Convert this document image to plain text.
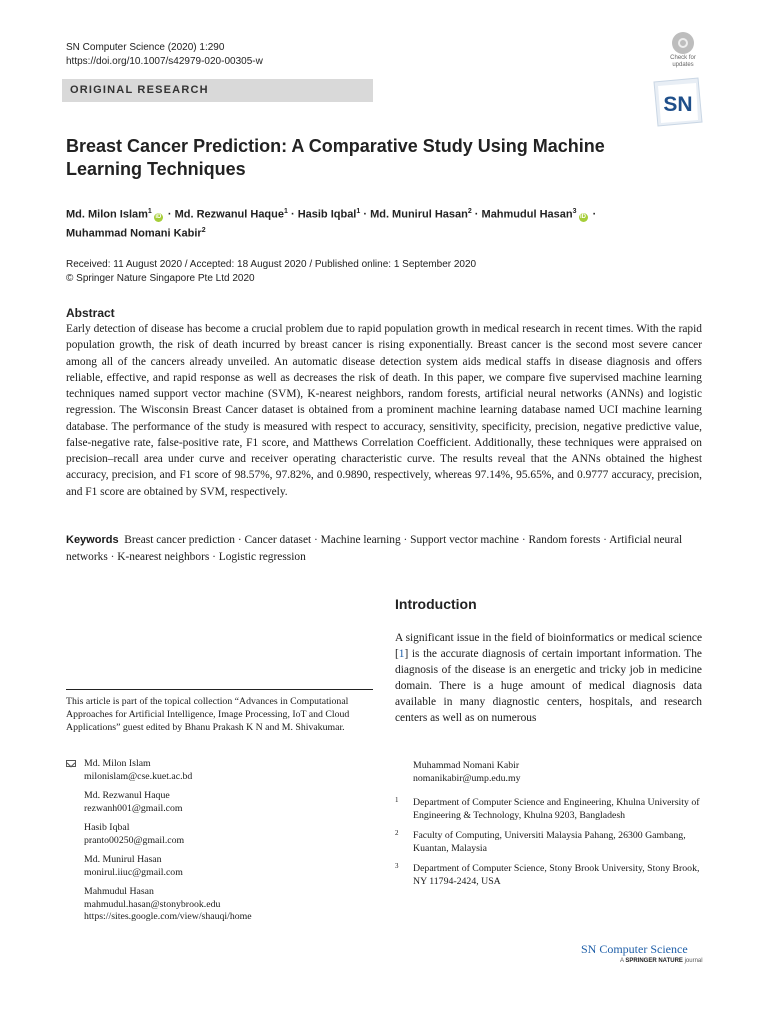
SN Computer Science (2020) 1:290
https://doi.org/10.1007/s42979-020-00305-w	Check for
updates
SN
ORIGINAL RESEARCH
Breast Cancer Prediction: A Comparative Study Using Machine Learning Techniques
Md. Milon Islam$^1$iD · Md. Rezwanul Haque$^1$ · Hasib Iqbal$^1$ · Md. Munirul Hasan$^2$ · Mahmudul Hasan$^3$iD ·
Muhammad Nomani Kabir$^2$
Received: 11 August 2020 / Accepted: 18 August 2020 / Published online: 1 September 2020
© Springer Nature Singapore Pte Ltd 2020
Abstract
Early detection of disease has become a crucial problem due to rapid population growth in medical research in recent times. With the rapid population growth, the risk of death incurred by breast cancer is rising exponentially. Breast cancer is the second most severe cancer among all of the cancers already unveiled. An automatic disease detection system aids medical staffs in disease diagnosis and offers reliable, effective, and rapid response as well as decreases the risk of death. In this paper, we compare five supervised machine learning techniques named support vector machine (SVM), K-nearest neighbors, random forests, artificial neural networks (ANNs) and logistic regression. The Wisconsin Breast Cancer dataset is obtained from a prominent machine learning database named UCI machine learning database. The performance of the study is measured with respect to accuracy, sensitivity, specificity, precision, negative predictive value, false-negative rate, false-positive rate, F1 score, and Matthews Correlation Coefficient. Additionally, these techniques were appraised on precision–recall area under curve and receiver operating characteristic curve. The results reveal that the ANNs obtained the highest accuracy, precision, and F1 score of 98.57%, 97.82%, and 0.9890, respectively, whereas 97.14%, 95.65%, and 0.9777 accuracy, precision, and F1 score are obtained by SVM, respectively.
Keywords Breast cancer prediction · Cancer dataset · Machine learning · Support vector machine · Random forests · Artificial neural networks · K-nearest neighbors · Logistic regression
Introduction
A significant issue in the field of bioinformatics or medical science [1] is the accurate diagnosis of certain important information. The diagnosis of the disease is an energetic and tricky job in medicine domain. There is a huge amount of medical diagnosis data available in many diagnostic centers, hospitals, and research centers as well as on numerous
This article is part of the topical collection “Advances in Computational Approaches for Artificial Intelligence, Image Processing, IoT and Cloud Applications” guest edited by Bhanu Prakash K N and M. Shivakumar.
Md. Milon Islam
milonislam@cse.kuet.ac.bd
Md. Rezwanul Haque
rezwanh001@gmail.com
Hasib Iqbal
pranto00250@gmail.com
Md. Munirul Hasan
monirul.iiuc@gmail.com
Mahmudul Hasan
mahmudul.hasan@stonybrook.edu
https://sites.google.com/view/shauqi/home
Muhammad Nomani Kabir
nomanikabir@ump.edu.my
1 Department of Computer Science and Engineering, Khulna University of Engineering & Technology, Khulna 9203, Bangladesh
2 Faculty of Computing, Universiti Malaysia Pahang, 26300 Gambang, Kuantan, Malaysia
3 Department of Computer Science, Stony Brook University, Stony Brook, NY 11794-2424, USA
SN Computer Science
A SPRINGER NATURE journal
